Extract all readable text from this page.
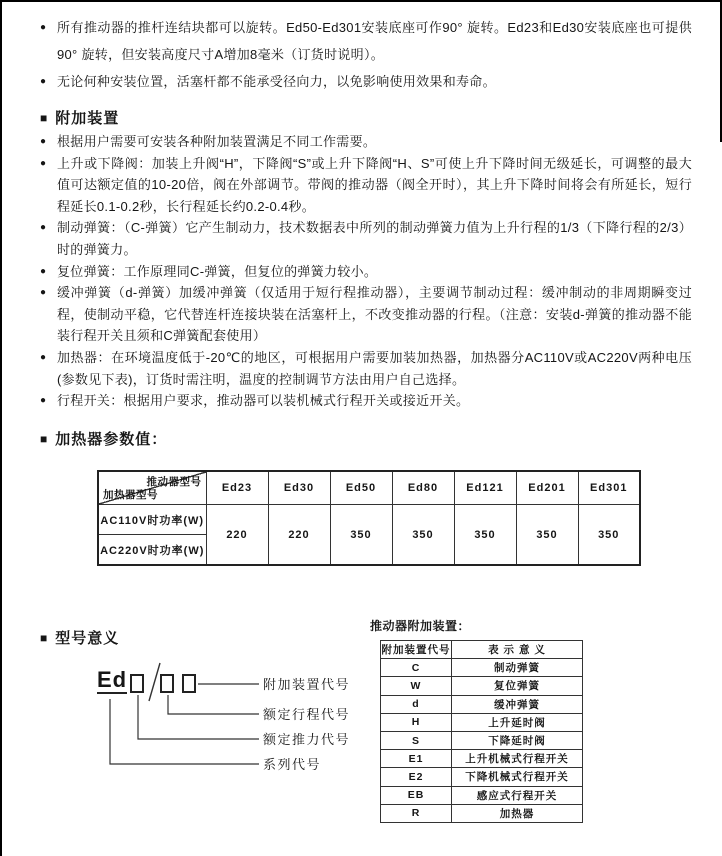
● 所有推动器的推杆连结块都可以旋转。Ed50-Ed301安装底座可作90° 旋转。Ed23和Ed30安装底座也可提供90° 旋转，但安装高度尺寸A增加8毫米（订货时说明）。
● 无论何种安装位置，活塞杆都不能承受径向力，以免影响使用效果和寿命。
■ 附加装置
● 根据用户需要可安装各种附加装置满足不同工作需要。
● 上升或下降阀：加装上升阀“H”，下降阀“S”或上升下降阀“H、S”可使上升下降时间无级延长，可调整的最大值可达额定值的10-20倍，阀在外部调节。带阀的推动器（阀全开时），其上升下降时间将会有所延长，短行程延长0.1-0.2秒，长行程延长约0.2-0.4秒。
● 制动弹簧：（C-弹簧）它产生制动力，技术数据表中所列的制动弹簧力值为上升行程的1/3（下降行程的2/3）时的弹簧力。
● 复位弹簧：工作原理同C-弹簧，但复位的弹簧力较小。
● 缓冲弹簧（d-弹簧）加缓冲弹簧（仅适用于短行程推动器），主要调节制动过程：缓冲制动的非周期瞬变过程，使制动平稳，它代替连杆连接块装在活塞杆上，不改变推动器的行程。（注意：安装d-弹簧的推动器不能装行程开关且须和C弹簧配套使用）
● 加热器：在环境温度低于-20℃的地区，可根据用户需要加装加热器，加热器分AC110V或AC220V两种电压(参数见下表)，订货时需注明，温度的控制调节方法由用户自己选择。
● 行程开关：根据用户要求，推动器可以装机械式行程开关或接近开关。
■ 加热器参数值：
推动器型号
加热器型号	Ed23	Ed30	Ed50	Ed80	Ed121	Ed201	Ed301
AC110V时功率(W)	220	220	350	350	350	350	350
AC220V时功率(W)							
■ 型号意义
Ed	附加装置代号
额定行程代号
额定推力代号
系列代号
推动器附加装置：
附加装置代号	表 示 意 义
C	制动弹簧
W	复位弹簧
d	缓冲弹簧
H	上升延时阀
S	下降延时阀
E1	上升机械式行程开关
E2	下降机械式行程开关
EB	感应式行程开关
R	加热器
